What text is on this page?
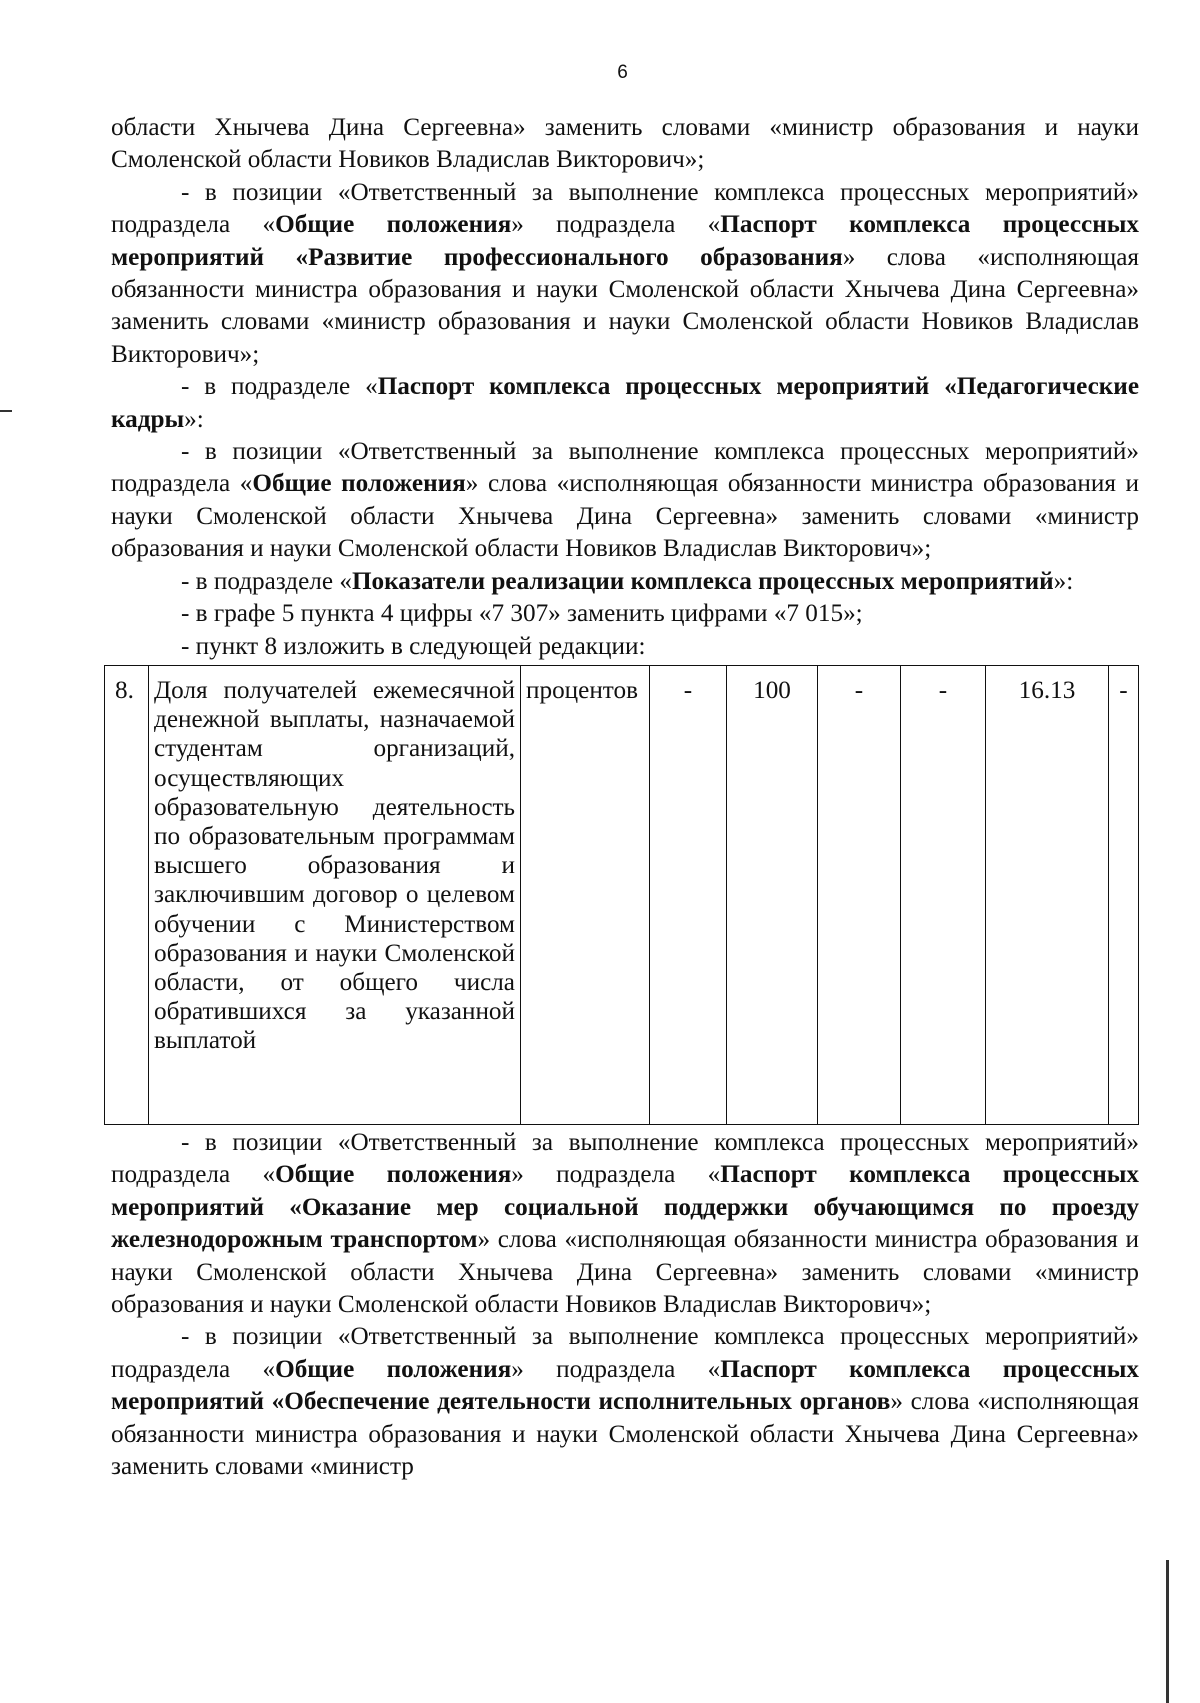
6

области Хнычева Дина Сергеевна» заменить словами «министр образования и науки Смоленской области Новиков Владислав Викторович»;

- в позиции «Ответственный за выполнение комплекса процессных мероприятий» подраздела «Общие положения» подраздела «Паспорт комплекса процессных мероприятий «Развитие профессионального образования» слова «исполняющая обязанности министра образования и науки Смоленской области Хнычева Дина Сергеевна» заменить словами «министр образования и науки Смоленской области Новиков Владислав Викторович»;

- в подразделе «Паспорт комплекса процессных мероприятий «Педагогические кадры»:

- в позиции «Ответственный за выполнение комплекса процессных мероприятий» подраздела «Общие положения» слова «исполняющая обязанности министра образования и науки Смоленской области Хнычева Дина Сергеевна» заменить словами «министр образования и науки Смоленской области Новиков Владислав Викторович»;

- в подразделе «Показатели реализации комплекса процессных мероприятий»:

- в графе 5 пункта 4 цифры «7 307» заменить цифрами «7 015»;

- пункт 8 изложить в следующей редакции:

8.	Доля получателей ежемесячной денежной выплаты, назначаемой студентам организаций, осуществляющих образовательную деятельность по образовательным программам высшего образования и заключившим договор о целевом обучении с Министерством образования и науки Смоленской области, от общего числа обратившихся за указанной выплатой	процентов	-	100	-	-	16.13	-

- в позиции «Ответственный за выполнение комплекса процессных мероприятий» подраздела «Общие положения» подраздела «Паспорт комплекса процессных мероприятий «Оказание мер социальной поддержки обучающимся по проезду железнодорожным транспортом» слова «исполняющая обязанности министра образования и науки Смоленской области Хнычева Дина Сергеевна» заменить словами «министр образования и науки Смоленской области Новиков Владислав Викторович»;

- в позиции «Ответственный за выполнение комплекса процессных мероприятий» подраздела «Общие положения» подраздела «Паспорт комплекса процессных мероприятий «Обеспечение деятельности исполнительных органов» слова «исполняющая обязанности министра образования и науки Смоленской области Хнычева Дина Сергеевна» заменить словами «министр
